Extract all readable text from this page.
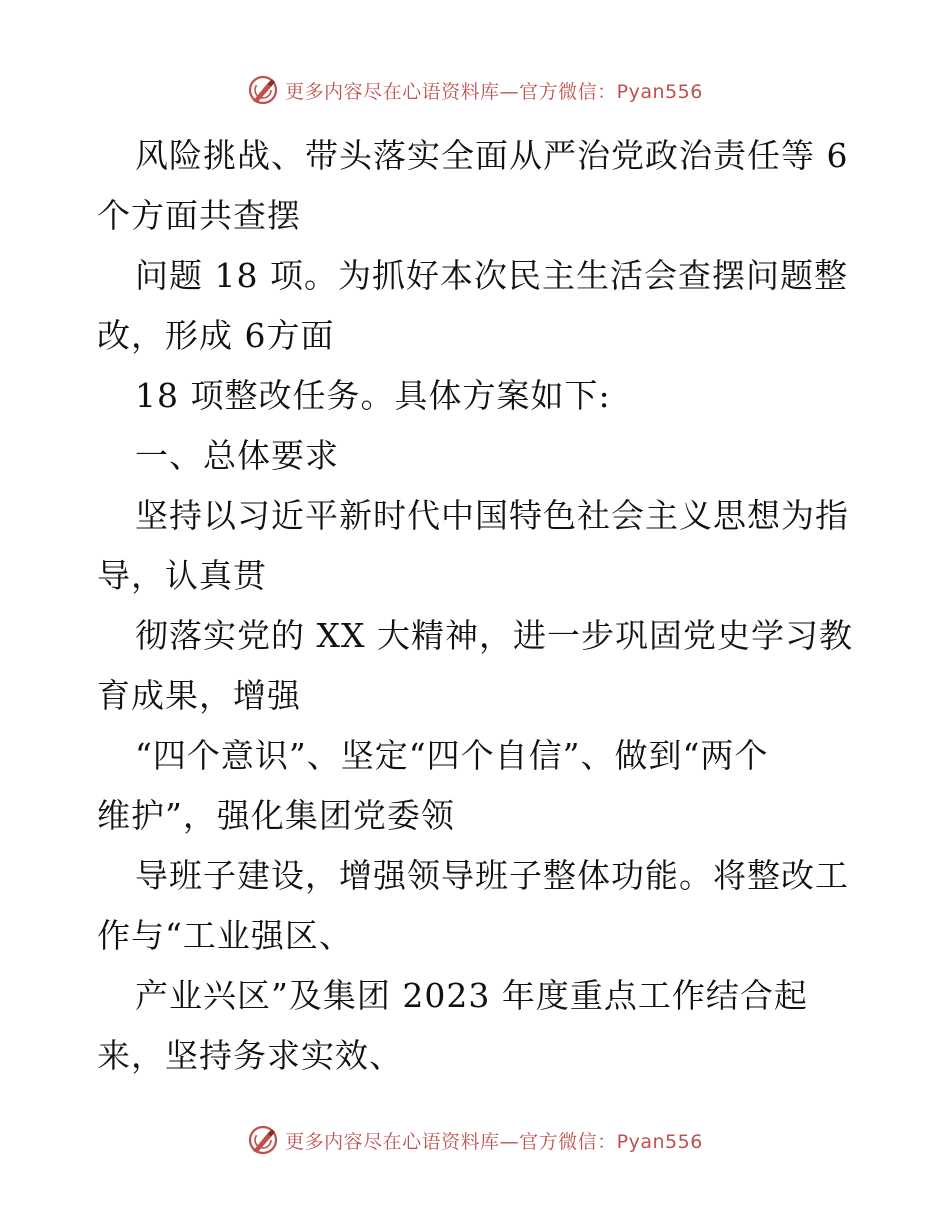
更多内容尽在心语资料库—官方微信：Pyan556
风险挑战、带头落实全面从严治党政治责任等 6
个方面共查摆
问题 18 项。为抓好本次民主生活会查摆问题整
改，形成 6方面
18 项整改任务。具体方案如下:
一、总体要求
坚持以习近平新时代中国特色社会主义思想为指
导，认真贯
彻落实党的 XX 大精神，进一步巩固党史学习教
育成果，增强
“四个意识”、坚定“四个自信”、做到“两个
维护”，强化集团党委领
导班子建设，增强领导班子整体功能。将整改工
作与“工业强区、
产业兴区”及集团 2023 年度重点工作结合起
来，坚持务求实效、
更多内容尽在心语资料库—官方微信：Pyan556
